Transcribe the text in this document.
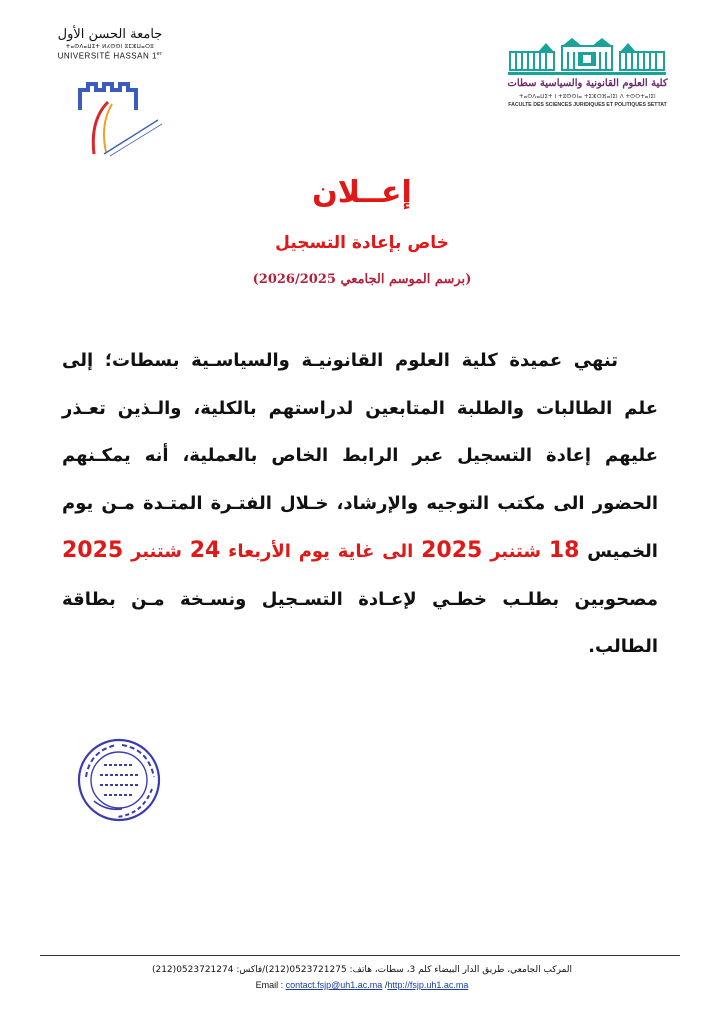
جامعة الحسن الأول
ⵜⴰⵙⴷⴰⵡⵉⵜ ⵍⵃⵙⵙⵏ ⵓⵎⵣⵡⴰⵔⵓ
UNIVERSITÉ HASSAN 1er
كلية العلوم القانونية والسياسية سطات
ⵜⴰⵙⴷⴰⵡⵉⵜ ⵏ ⵜⵓⵙⵙⵏⴰ ⵜⵉⵣⵔⴼⴰⵏⵉⵏ ⴷ ⵜⵙⵔⵜⴰⵏⵉⵏ
FACULTE DES SCIENCES JURIDIQUES ET POLITIQUES SETTAT
إعــلان
خاص بإعادة التسجيل
(برسم الموسم الجامعي 2026/2025)
تنهي عميدة كلية العلوم القانونيـة والسياسـية بسطات؛ إلى علم الطالبات والطلبة المتابعين لدراستهم بالكلية، والـذين تعـذر عليهم إعادة التسجيل عبر الرابط الخاص بالعملية، أنه يمكـنهم الحضور الى مكتب التوجيه والإرشاد، خـلال الفتـرة المتـدة مـن يوم الخميس 18 شتنبر 2025 الى غاية يوم الأربعاء 24 شتنبر 2025 مصحوبين بطلـب خطـي لإعـادة التسـجيل ونسـخة مـن بطاقة الطالب.
المركب الجامعي، طريق الدار البيضاء كلم 3، سطات، هاتف: 0523721275(212)/فاكس: 0523721274(212)
Email : contact.fsjp@uh1.ac.ma /http://fsjp.uh1.ac.ma
